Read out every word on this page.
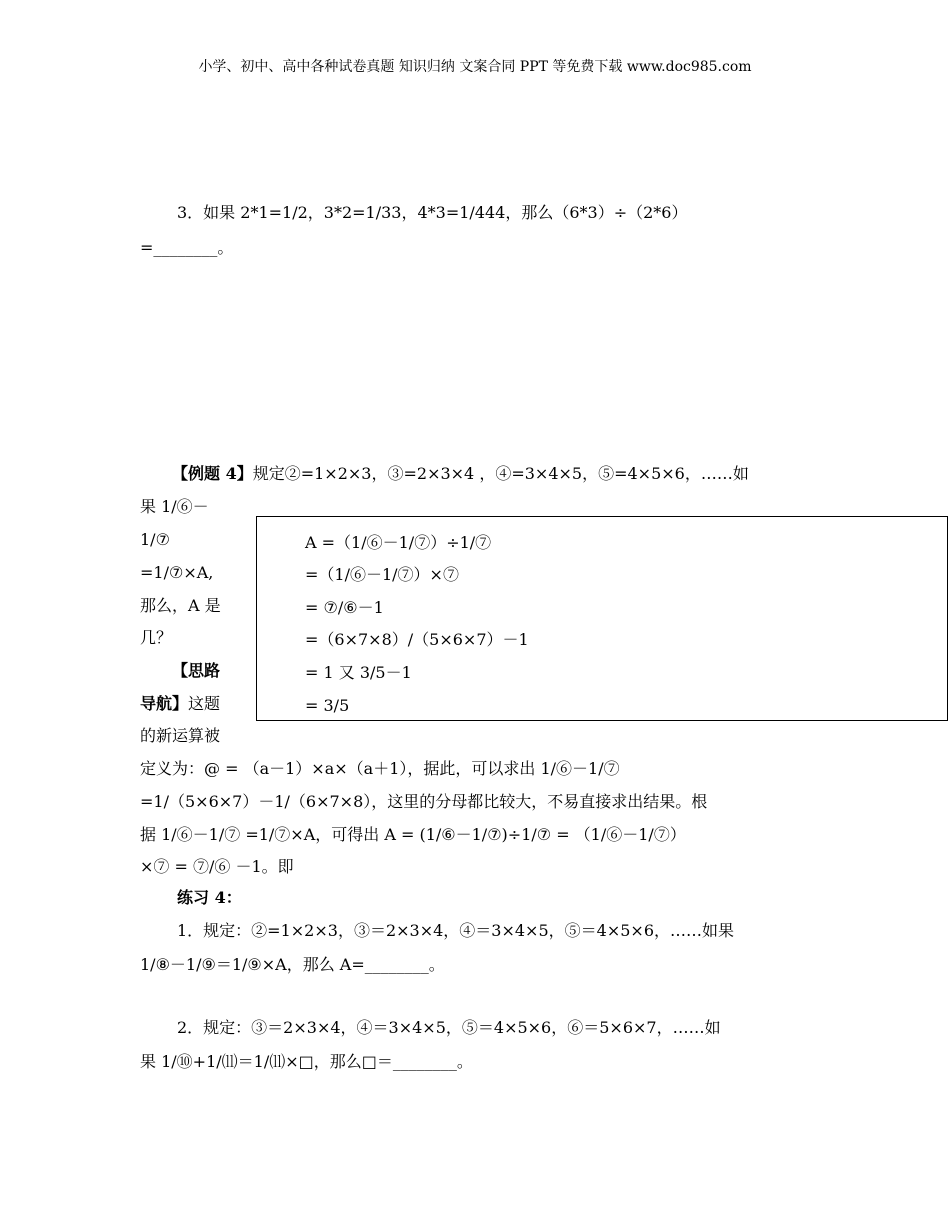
小学、初中、高中各种试卷真题 知识归纳 文案合同 PPT 等免费下载 www.doc985.com
3．如果 2*1=1/2，3*2=1/33，4*3=1/444，那么（6*3）÷（2*6）
=________。
【例题 4】规定②=1×2×3，③=2×3×4 ，④=3×4×5，⑤=4×5×6，……如
果 1/⑥－
1/⑦
=1/⑦×A,
那么，A 是
几？
【思路
导航】这题
的新运算被
定义为：@ = （a－1）×a×（a＋1），据此，可以求出 1/⑥－1/⑦
=1/（5×6×7）－1/（6×7×8），这里的分母都比较大，不易直接求出结果。根
据 1/⑥－1/⑦ =1/⑦×A，可得出 A = (1/⑥－1/⑦)÷1/⑦ = （1/⑥－1/⑦）
×⑦ = ⑦/⑥ －1。即
A =（1/⑥－1/⑦）÷1/⑦
=（1/⑥－1/⑦）×⑦
= ⑦/⑥－1
=（6×7×8）/（5×6×7）－1
= 1 又 3/5－1
= 3/5
练习 4：
1．规定：②=1×2×3，③＝2×3×4，④＝3×4×5，⑤＝4×5×6，……如果
1/⑧－1/⑨＝1/⑨×A，那么 A=________。
2．规定：③＝2×3×4，④＝3×4×5，⑤＝4×5×6，⑥＝5×6×7，……如
果 1/⑩+1/⑾＝1/⑾×□，那么□＝________。
